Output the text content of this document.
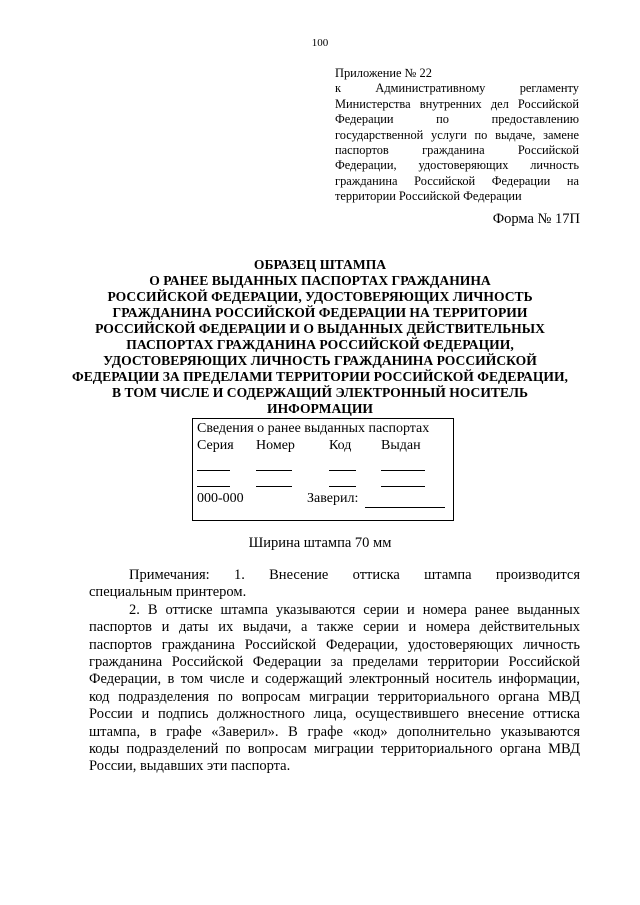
100
Приложение № 22
к Административному регламенту
Министерства внутренних дел Российской
Федерации по предоставлению
государственной услуги по выдаче, замене
паспортов гражданина Российской
Федерации, удостоверяющих личность
гражданина Российской Федерации на
территории Российской Федерации
Форма № 17П
ОБРАЗЕЦ ШТАМПА
О РАНЕЕ ВЫДАННЫХ ПАСПОРТАХ ГРАЖДАНИНА
РОССИЙСКОЙ ФЕДЕРАЦИИ, УДОСТОВЕРЯЮЩИХ ЛИЧНОСТЬ
ГРАЖДАНИНА РОССИЙСКОЙ ФЕДЕРАЦИИ НА ТЕРРИТОРИИ
РОССИЙСКОЙ ФЕДЕРАЦИИ И О ВЫДАННЫХ ДЕЙСТВИТЕЛЬНЫХ
ПАСПОРТАХ ГРАЖДАНИНА РОССИЙСКОЙ ФЕДЕРАЦИИ,
УДОСТОВЕРЯЮЩИХ ЛИЧНОСТЬ ГРАЖДАНИНА РОССИЙСКОЙ
ФЕДЕРАЦИИ ЗА ПРЕДЕЛАМИ ТЕРРИТОРИИ РОССИЙСКОЙ ФЕДЕРАЦИИ,
В ТОМ ЧИСЛЕ И СОДЕРЖАЩИЙ ЭЛЕКТРОННЫЙ НОСИТЕЛЬ
ИНФОРМАЦИИ
Сведения о ранее выданных паспортах
Серия Номер Код Выдан
000-000	Заверил:
Ширина штампа 70 мм
Примечания: 1. Внесение оттиска штампа производится
специальным принтером.
2. В оттиске штампа указываются серии и номера ранее выданных
паспортов и даты их выдачи, а также серии и номера действительных
паспортов гражданина Российской Федерации, удостоверяющих личность
гражданина Российской Федерации за пределами территории Российской
Федерации, в том числе и содержащий электронный носитель информации,
код подразделения по вопросам миграции территориального органа МВД
России и подпись должностного лица, осуществившего внесение оттиска
штампа, в графе «Заверил». В графе «код» дополнительно указываются
коды подразделений по вопросам миграции территориального органа МВД
России, выдавших эти паспорта.
